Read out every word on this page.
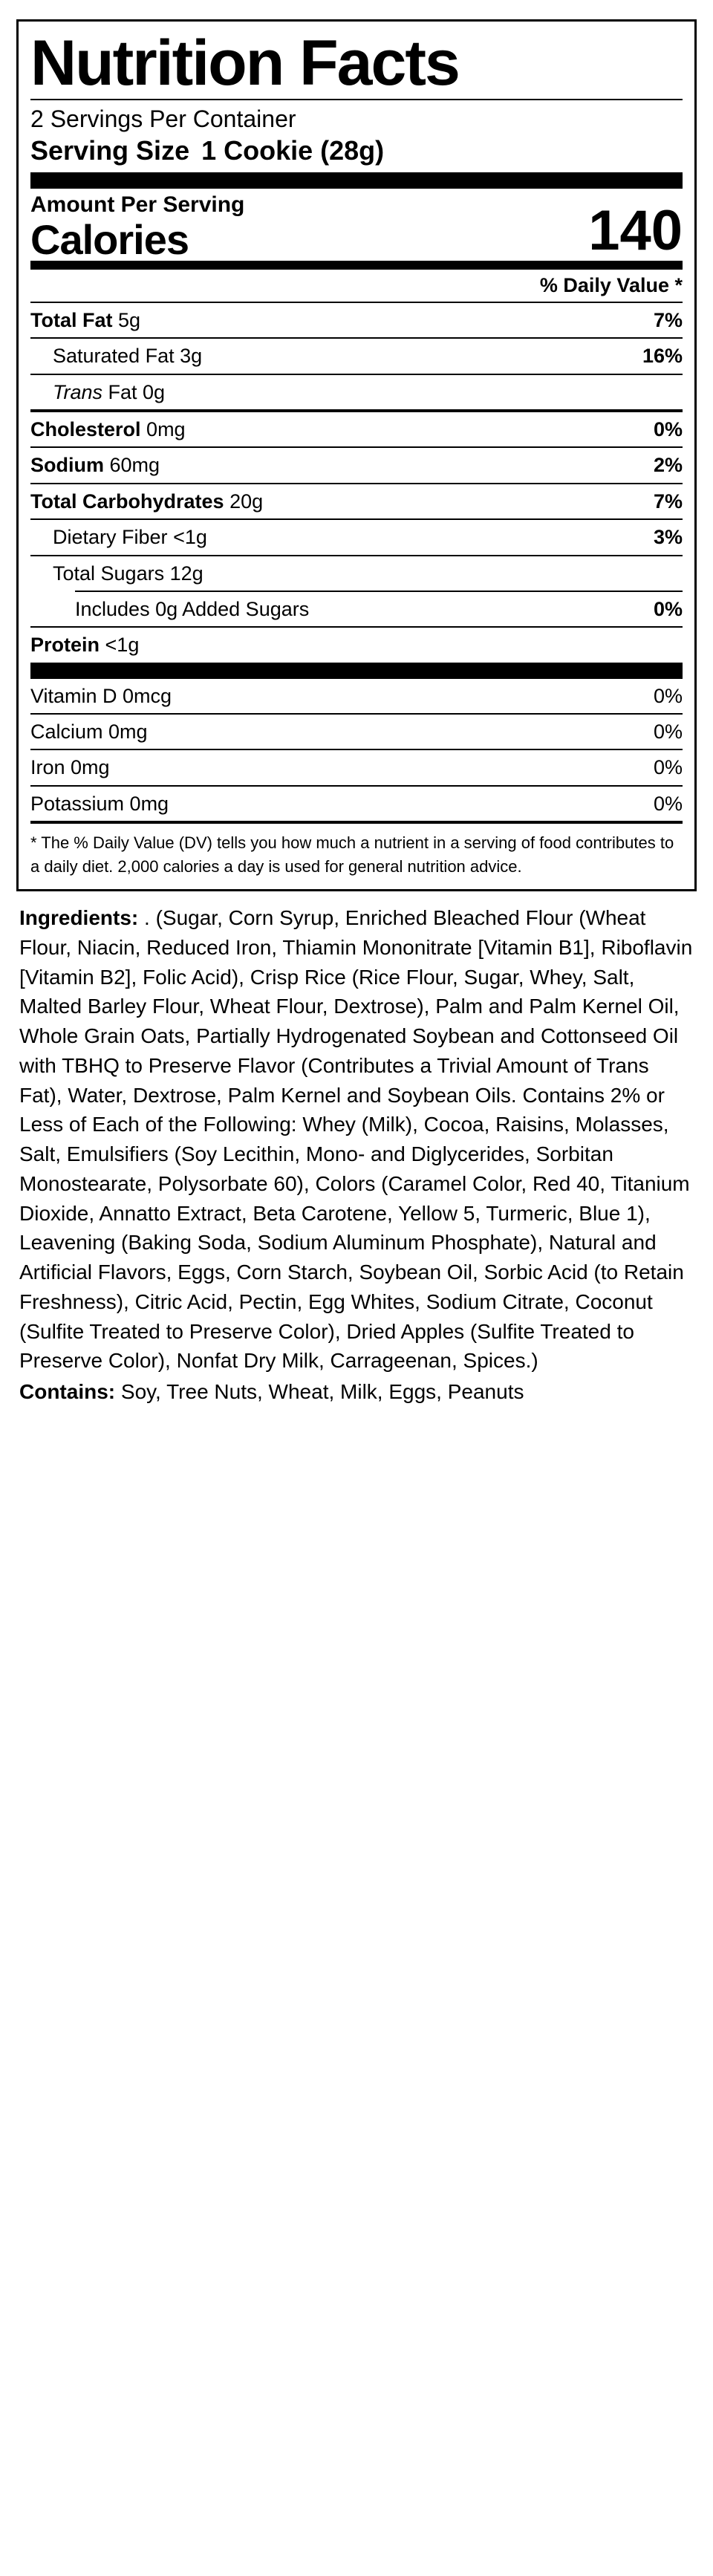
Nutrition Facts
2 Servings Per Container
Serving Size 1 Cookie (28g)
Amount Per Serving
Calories	140
% Daily Value *
Total Fat 5g	7%
Saturated Fat 3g	16%
Trans Fat 0g
Cholesterol 0mg	0%
Sodium 60mg	2%
Total Carbohydrates 20g	7%
Dietary Fiber <1g	3%
Total Sugars 12g
Includes 0g Added Sugars	0%
Protein <1g
Vitamin D 0mcg	0%
Calcium 0mg	0%
Iron 0mg	0%
Potassium 0mg	0%
* The % Daily Value (DV) tells you how much a nutrient in a serving of food contributes to a daily diet. 2,000 calories a day is used for general nutrition advice.
Ingredients: . (Sugar, Corn Syrup, Enriched Bleached Flour (Wheat Flour, Niacin, Reduced Iron, Thiamin Mononitrate [Vitamin B1], Riboflavin [Vitamin B2], Folic Acid), Crisp Rice (Rice Flour, Sugar, Whey, Salt, Malted Barley Flour, Wheat Flour, Dextrose), Palm and Palm Kernel Oil, Whole Grain Oats, Partially Hydrogenated Soybean and Cottonseed Oil with TBHQ to Preserve Flavor (Contributes a Trivial Amount of Trans Fat), Water, Dextrose, Palm Kernel and Soybean Oils. Contains 2% or Less of Each of the Following: Whey (Milk), Cocoa, Raisins, Molasses, Salt, Emulsifiers (Soy Lecithin, Mono- and Diglycerides, Sorbitan Monostearate, Polysorbate 60), Colors (Caramel Color, Red 40, Titanium Dioxide, Annatto Extract, Beta Carotene, Yellow 5, Turmeric, Blue 1), Leavening (Baking Soda, Sodium Aluminum Phosphate), Natural and Artificial Flavors, Eggs, Corn Starch, Soybean Oil, Sorbic Acid (to Retain Freshness), Citric Acid, Pectin, Egg Whites, Sodium Citrate, Coconut (Sulfite Treated to Preserve Color), Dried Apples (Sulfite Treated to Preserve Color), Nonfat Dry Milk, Carrageenan, Spices.)
Contains: Soy, Tree Nuts, Wheat, Milk, Eggs, Peanuts
